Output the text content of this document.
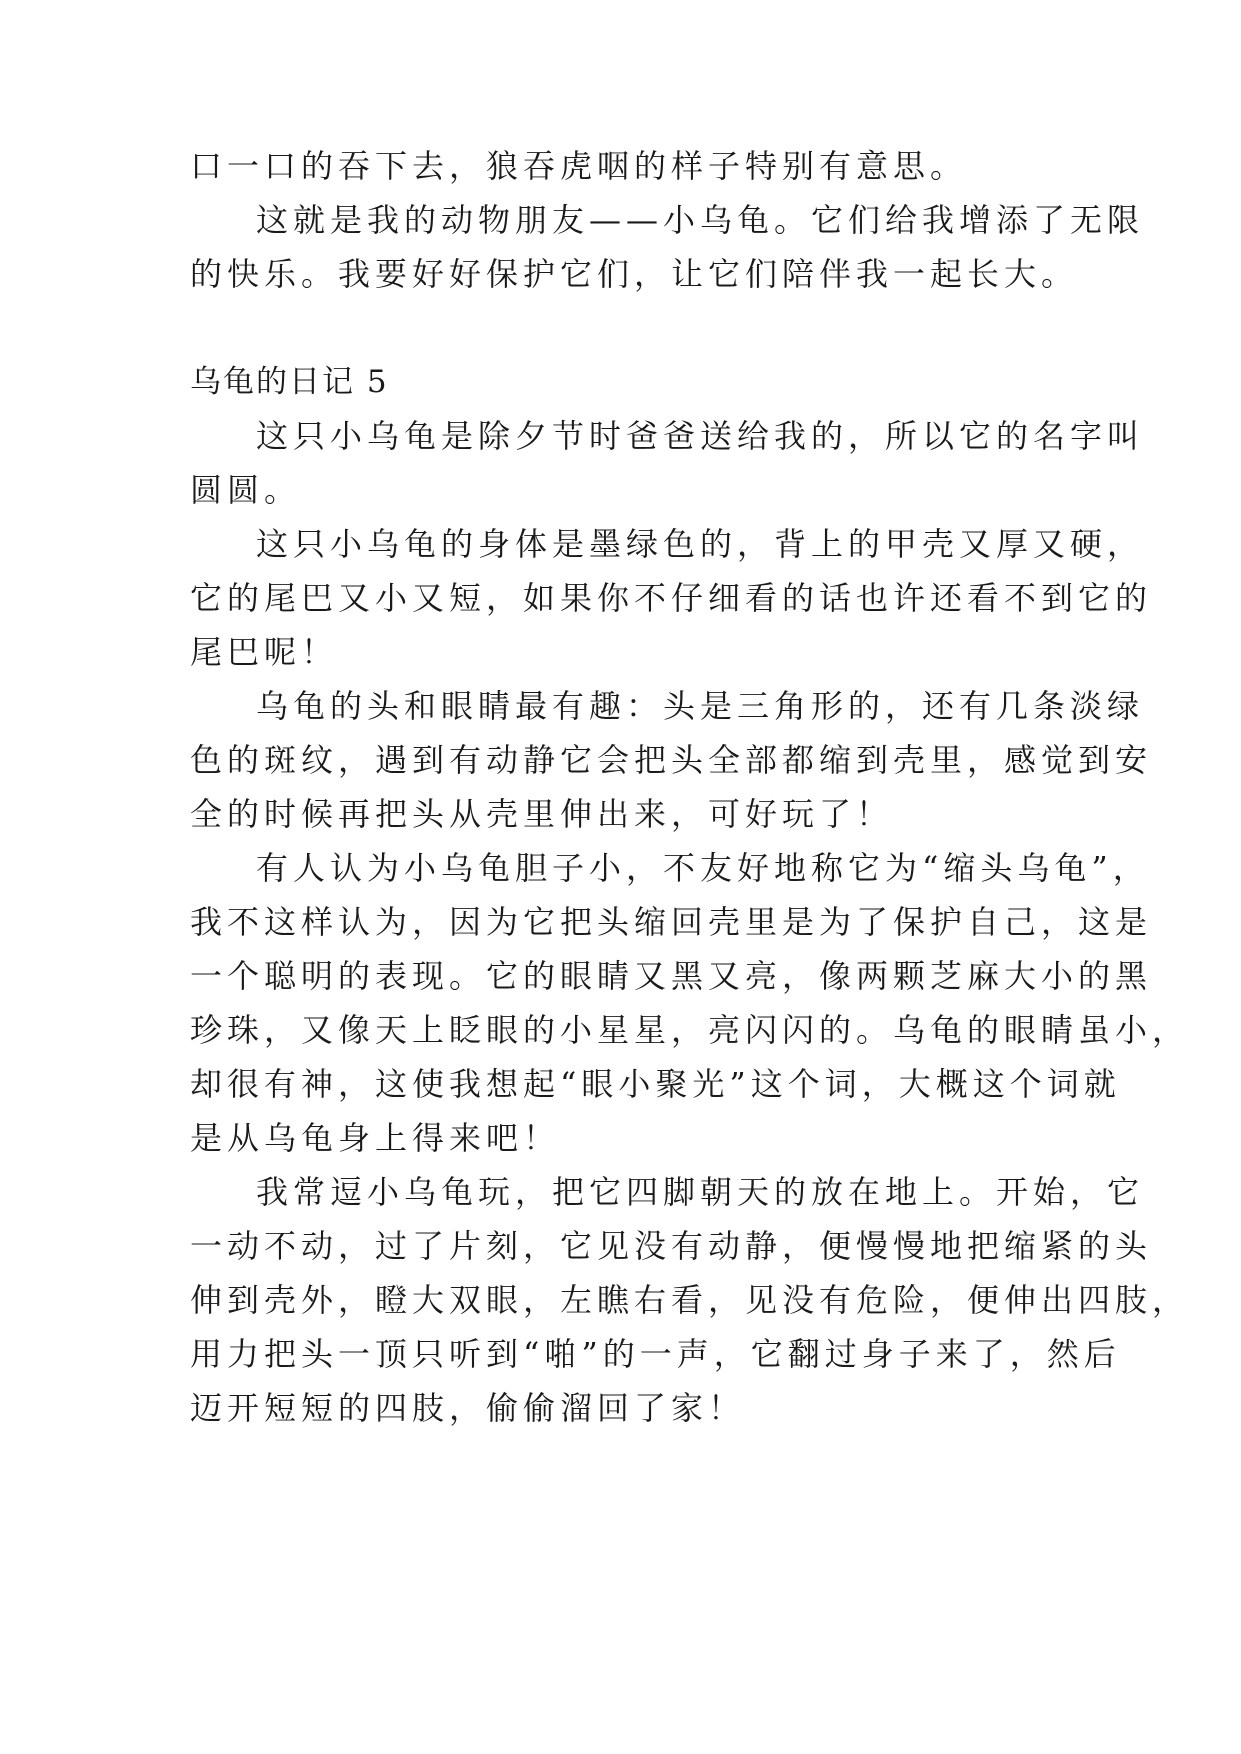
口一口的吞下去，狼吞虎咽的样子特别有意思。
这就是我的动物朋友——小乌龟。它们给我增添了无限
的快乐。我要好好保护它们，让它们陪伴我一起长大。
乌龟的日记 5
这只小乌龟是除夕节时爸爸送给我的，所以它的名字叫
圆圆。
这只小乌龟的身体是墨绿色的，背上的甲壳又厚又硬，
它的尾巴又小又短，如果你不仔细看的话也许还看不到它的
尾巴呢！
乌龟的头和眼睛最有趣：头是三角形的，还有几条淡绿
色的斑纹，遇到有动静它会把头全部都缩到壳里，感觉到安
全的时候再把头从壳里伸出来，可好玩了！
有人认为小乌龟胆子小，不友好地称它为“缩头乌龟”，
我不这样认为，因为它把头缩回壳里是为了保护自己，这是
一个聪明的表现。它的眼睛又黑又亮，像两颗芝麻大小的黑
珍珠，又像天上眨眼的小星星，亮闪闪的。乌龟的眼睛虽小，
却很有神，这使我想起“眼小聚光”这个词，大概这个词就
是从乌龟身上得来吧！
我常逗小乌龟玩，把它四脚朝天的放在地上。开始，它
一动不动，过了片刻，它见没有动静，便慢慢地把缩紧的头
伸到壳外，瞪大双眼，左瞧右看，见没有危险，便伸出四肢，
用力把头一顶只听到“啪”的一声，它翻过身子来了，然后
迈开短短的四肢，偷偷溜回了家！
